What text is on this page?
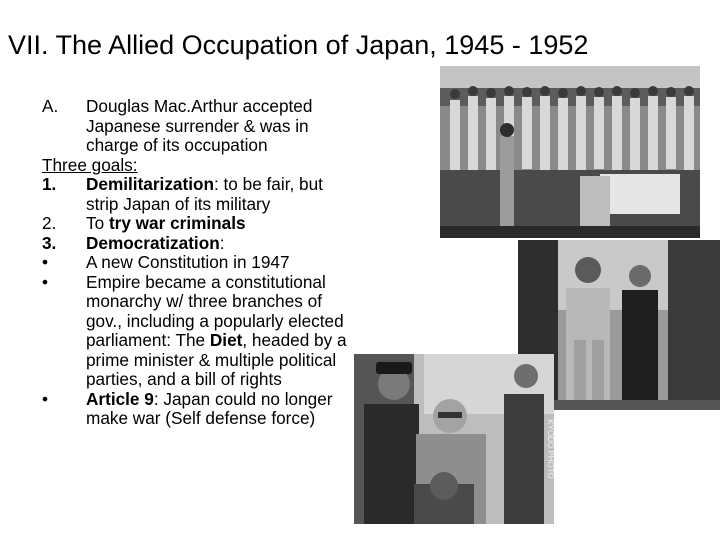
VII. The Allied Occupation of Japan, 1945 - 1952
A. Douglas Mac.Arthur accepted Japanese surrender & was in charge of its occupation
Three goals:
1. Demilitarization: to be fair, but strip Japan of its military
2. To try war criminals
3. Democratization:
• A new Constitution in 1947
• Empire became a constitutional monarchy w/ three branches of gov., including a popularly elected parliament: The Diet, headed by a prime minister & multiple political parties, and a bill of rights
• Article 9: Japan could no longer make war (Self defense force)
KYODO PHOTO
